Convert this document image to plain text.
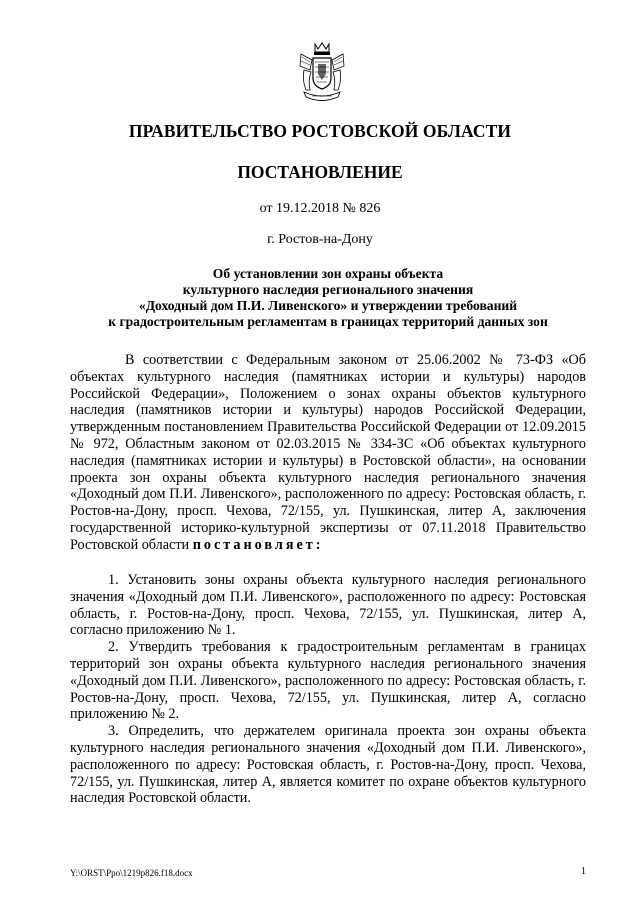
ПРАВИТЕЛЬСТВО РОСТОВСКОЙ ОБЛАСТИ
ПОСТАНОВЛЕНИЕ
от 19.12.2018 № 826
г. Ростов-на-Дону
Об установлении зон охраны объекта
культурного наследия регионального значения
«Доходный дом П.И. Ливенского» и утверждении требований
к градостроительным регламентам в границах территорий данных зон

В соответствии с Федеральным законом от 25.06.2002 № 73-ФЗ «Об объектах культурного наследия (памятниках истории и культуры) народов Российской Федерации», Положением о зонах охраны объектов культурного наследия (памятников истории и культуры) народов Российской Федерации, утвержденным постановлением Правительства Российской Федерации от 12.09.2015 № 972, Областным законом от 02.03.2015 № 334-ЗС «Об объектах культурного наследия (памятниках истории и культуры) в Ростовской области», на основании проекта зон охраны объекта культурного наследия регионального значения «Доходный дом П.И. Ливенского», расположенного по адресу: Ростовская область, г. Ростов-на-Дону, просп. Чехова, 72/155, ул. Пушкинская, литер А, заключения государственной историко-культурной экспертизы от 07.11.2018 Правительство Ростовской области постановляет:

1. Установить зоны охраны объекта культурного наследия регионального значения «Доходный дом П.И. Ливенского», расположенного по адресу: Ростовская область, г. Ростов-на-Дону, просп. Чехова, 72/155, ул. Пушкинская, литер А, согласно приложению № 1.

2. Утвердить требования к градостроительным регламентам в границах территорий зон охраны объекта культурного наследия регионального значения «Доходный дом П.И. Ливенского», расположенного по адресу: Ростовская область, г. Ростов-на-Дону, просп. Чехова, 72/155, ул. Пушкинская, литер А, согласно приложению № 2.

3. Определить, что держателем оригинала проекта зон охраны объекта культурного наследия регионального значения «Доходный дом П.И. Ливенского», расположенного по адресу: Ростовская область, г. Ростов-на-Дону, просп. Чехова, 72/155, ул. Пушкинская, литер А, является комитет по охране объектов культурного наследия Ростовской области.

Y:\ORST\Ppo\1219p826.f18.docx	1
